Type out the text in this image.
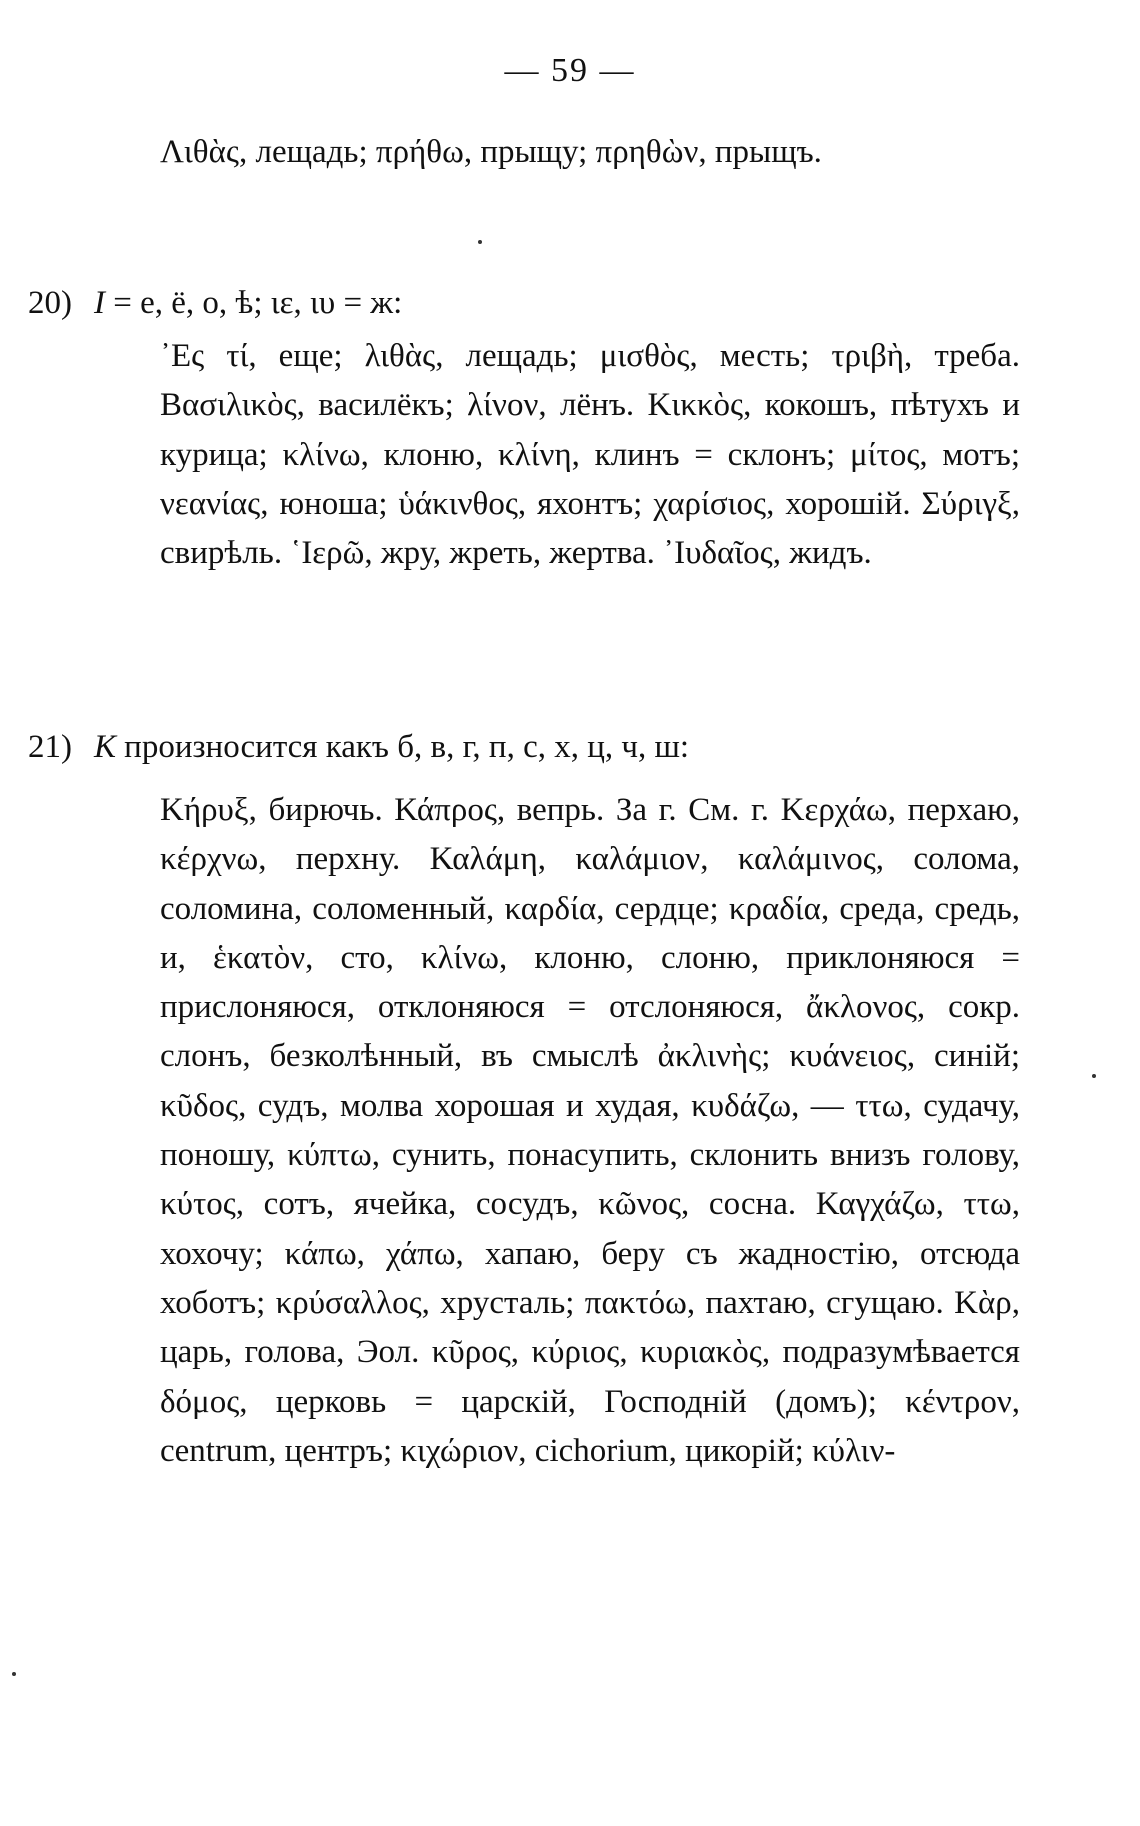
— 59 —
Λιθὰς, лещадь; πρήθω, прыщу; πρηθὼν, прыщъ.
20) Ι = е, ё, о, ѣ; ιε, ιυ = ж:
᾿Ες τί, еще; λιθὰς, лещадь; μισθὸς, месть; τριβὴ, треба. Βασιλικὸς, василёкъ; λίνον, лёнъ. Κικκὸς, кокошъ, пѣтухъ и курица; κλίνω, клоню, κλίνη, клинъ = склонъ; μίτος, мотъ; νεανίας, юноша; ὑάκινθος, яхонтъ; χαρίσιος, хорошій. Σύριγξ, свирѣль. ῾Ιερῶ, жру, жреть, жертва. ᾿Ιυδαῖος, жидъ.
21) К произносится какъ б, в, г, п, с, х, ц, ч, ш:
Κήρυξ, бирючь. Κάπρος, вепрь. За г. См. г. Κερχάω, перхаю, κέρχνω, перхну. Καλάμη, καλάμιον, καλάμινος, солома, соломина, соломенный, καρδία, сердце; κραδία, среда, средь, и, ἑκατὸν, сто, κλίνω, клоню, слоню, приклоняюся = прислоняюся, отклоняюся = отслоняюся, ἄκλονος, сокр. слонъ, безколѣнный, въ смыслѣ ἀκλινὴς; κυάνειος, синій; κῦδος, судъ, молва хорошая и худая, κυδάζω, — ττω, судачу, поношу, κύπτω, сунить, понасупить, склонить внизъ голову, κύτος, сотъ, ячейка, сосудъ, κῶνος, сосна. Καγχάζω, ττω, хохочу; κάπω, χάπω, хапаю, беру съ жадностію, отсюда хоботъ; κρύσαλλος, хрусталь; πακτόω, пахтаю, сгущаю. Κὰρ, царь, голова, Эол. κῦρος, κύριος, κυριακὸς, подразумѣвается δόμος, церковь = царскій, Господній (домъ); κέντρον, centrum, центръ; κιχώριον, cichorium, цикорій; κύλιν-
